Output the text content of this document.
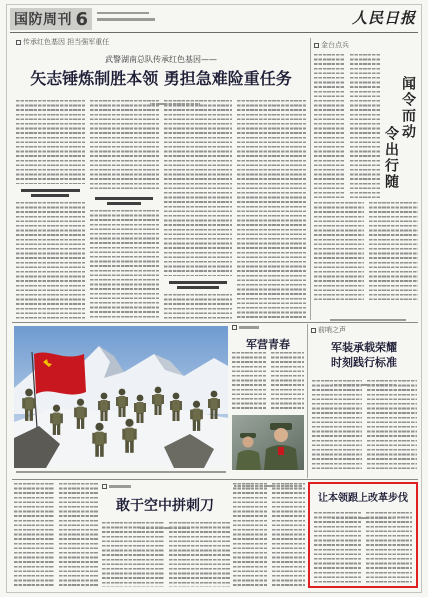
国防周刊 6	人民日报
传承红色基因 担当强军重任
武警湖南总队传承红色基因——
矢志锤炼制胜本领 勇担急难险重任务
金台点兵
闻令而动
令出行随
军营青春
前哨之声
军装承载荣耀
时刻践行标准
敢于空中拼刺刀	让本领跟上改革步伐
